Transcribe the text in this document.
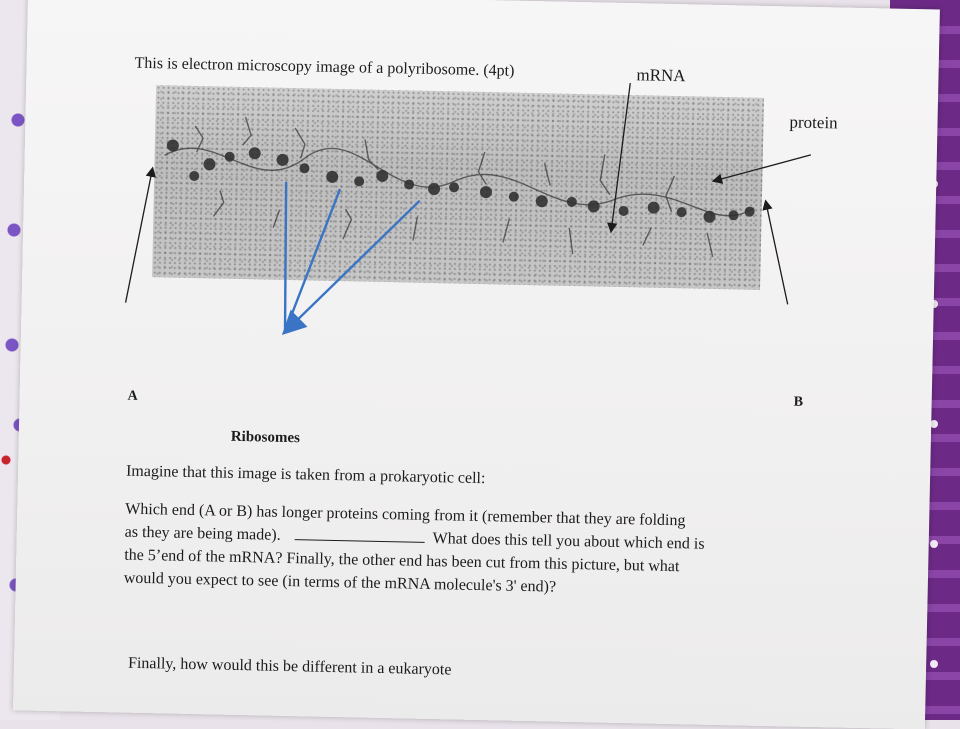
This is electron microscopy image of a polyribosome. (4pt)	mRNA
protein
A	B
Ribosomes
Imagine that this image is taken from a prokaryotic cell:
Which end (A or B) has longer proteins coming from it (remember that they are folding
as they are being made).	What does this tell you about which end is
the 5’end of the mRNA? Finally, the other end has been cut from this picture, but what
would you expect to see (in terms of the mRNA molecule's 3' end)?
Finally, how would this be different in a eukaryote
